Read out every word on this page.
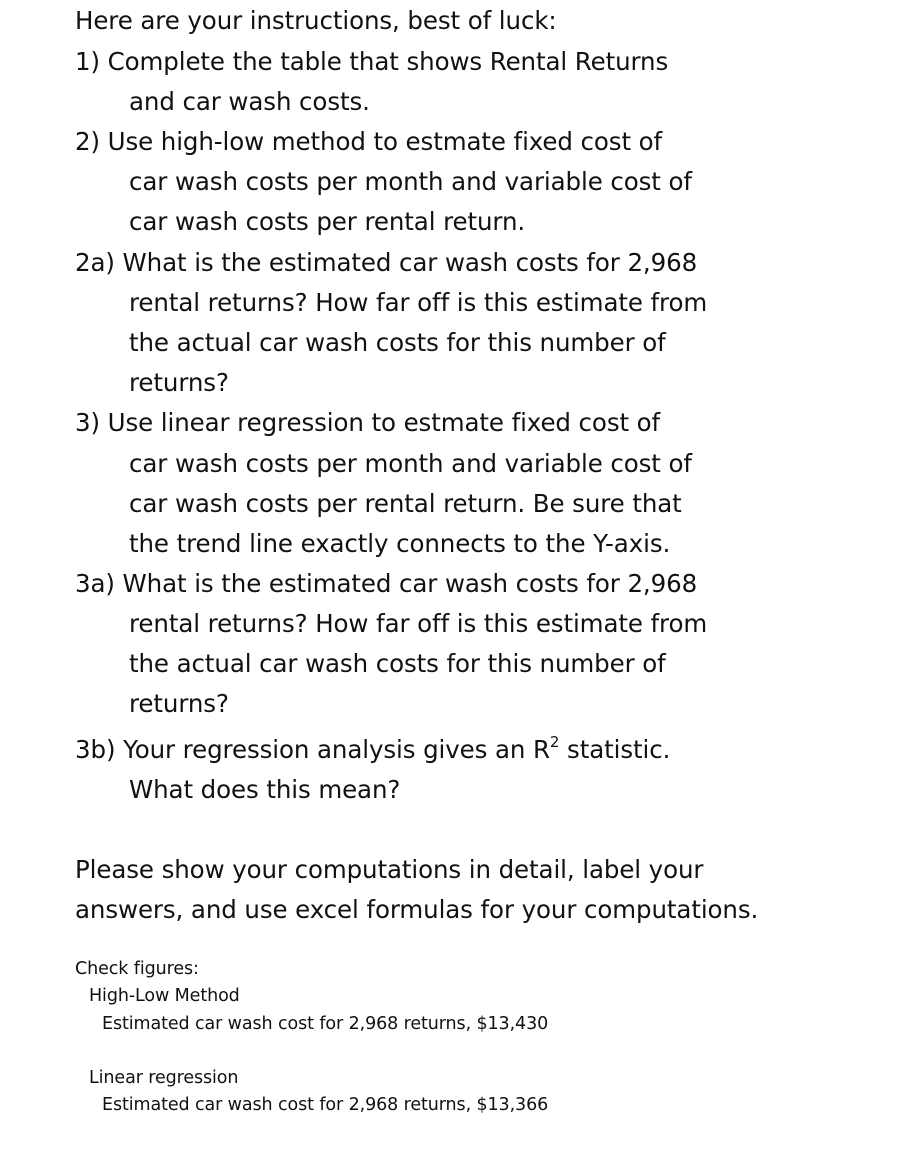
Here are your instructions, best of luck:
1) Complete the table that shows Rental Returns
and car wash costs.
2) Use high-low method to estmate fixed cost of
car wash costs per month and variable cost of
car wash costs per rental return.
2a) What is the estimated car wash costs for 2,968
rental returns? How far off is this estimate from
the actual car wash costs for this number of
returns?
3) Use linear regression to estmate fixed cost of
car wash costs per month and variable cost of
car wash costs per rental return. Be sure that
the trend line exactly connects to the Y-axis.
3a) What is the estimated car wash costs for 2,968
rental returns? How far off is this estimate from
the actual car wash costs for this number of
returns?
3b) Your regression analysis gives an $R^2$ statistic.
What does this mean?
Please show your computations in detail, label your
answers, and use excel formulas for your computations.
Check figures:
High-Low Method
Estimated car wash cost for 2,968 returns, $13,430
Linear regression
Estimated car wash cost for 2,968 returns, $13,366
